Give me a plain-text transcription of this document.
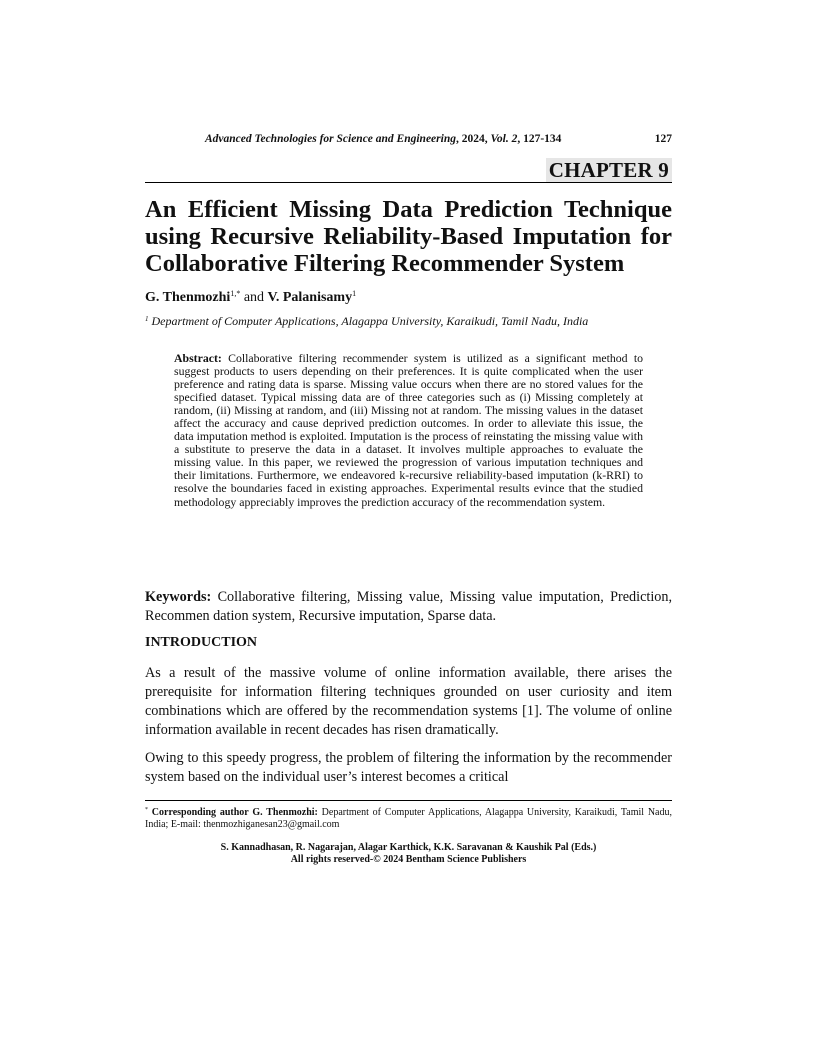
Advanced Technologies for Science and Engineering, 2024, Vol. 2, 127-134	127
CHAPTER 9
An Efficient Missing Data Prediction Technique using Recursive Reliability-Based Imputation for Collaborative Filtering Recommender System
G. Thenmozhi$^{1,*}$ and V. Palanisamy$^1$
$^1$ Department of Computer Applications, Alagappa University, Karaikudi, Tamil Nadu, India

Abstract: Collaborative filtering recommender system is utilized as a significant method to suggest products to users depending on their preferences. It is quite complicated when the user preference and rating data is sparse. Missing value occurs when there are no stored values for the specified dataset. Typical missing data are of three categories such as (i) Missing completely at random, (ii) Missing at random, and (iii) Missing not at random. The missing values in the dataset affect the accuracy and cause deprived prediction outcomes. In order to alleviate this issue, the data imputation method is exploited. Imputation is the process of reinstating the missing value with a substitute to preserve the data in a dataset. It involves multiple approaches to evaluate the missing value. In this paper, we reviewed the progression of various imputation techniques and their limitations. Furthermore, we endeavored k-recursive reliability-based imputation (k-RRI) to resolve the boundaries faced in existing approaches. Experimental results evince that the studied methodology appreciably improves the prediction accuracy of the recommendation system.

Keywords: Collaborative filtering, Missing value, Missing value imputation, Prediction, Recommen dation system, Recursive imputation, Sparse data.

INTRODUCTION

As a result of the massive volume of online information available, there arises the prerequisite for information filtering techniques grounded on user curiosity and item combinations which are offered by the recommendation systems [1]. The volume of online information available in recent decades has risen dramatically.

Owing to this speedy progress, the problem of filtering the information by the recommender system based on the individual user’s interest becomes a critical

* Corresponding author G. Thenmozhi: Department of Computer Applications, Alagappa University, Karaikudi, Tamil Nadu, India; E-mail: thenmozhiganesan23@gmail.com

S. Kannadhasan, R. Nagarajan, Alagar Karthick, K.K. Saravanan & Kaushik Pal (Eds.)
All rights reserved-© 2024 Bentham Science Publishers
